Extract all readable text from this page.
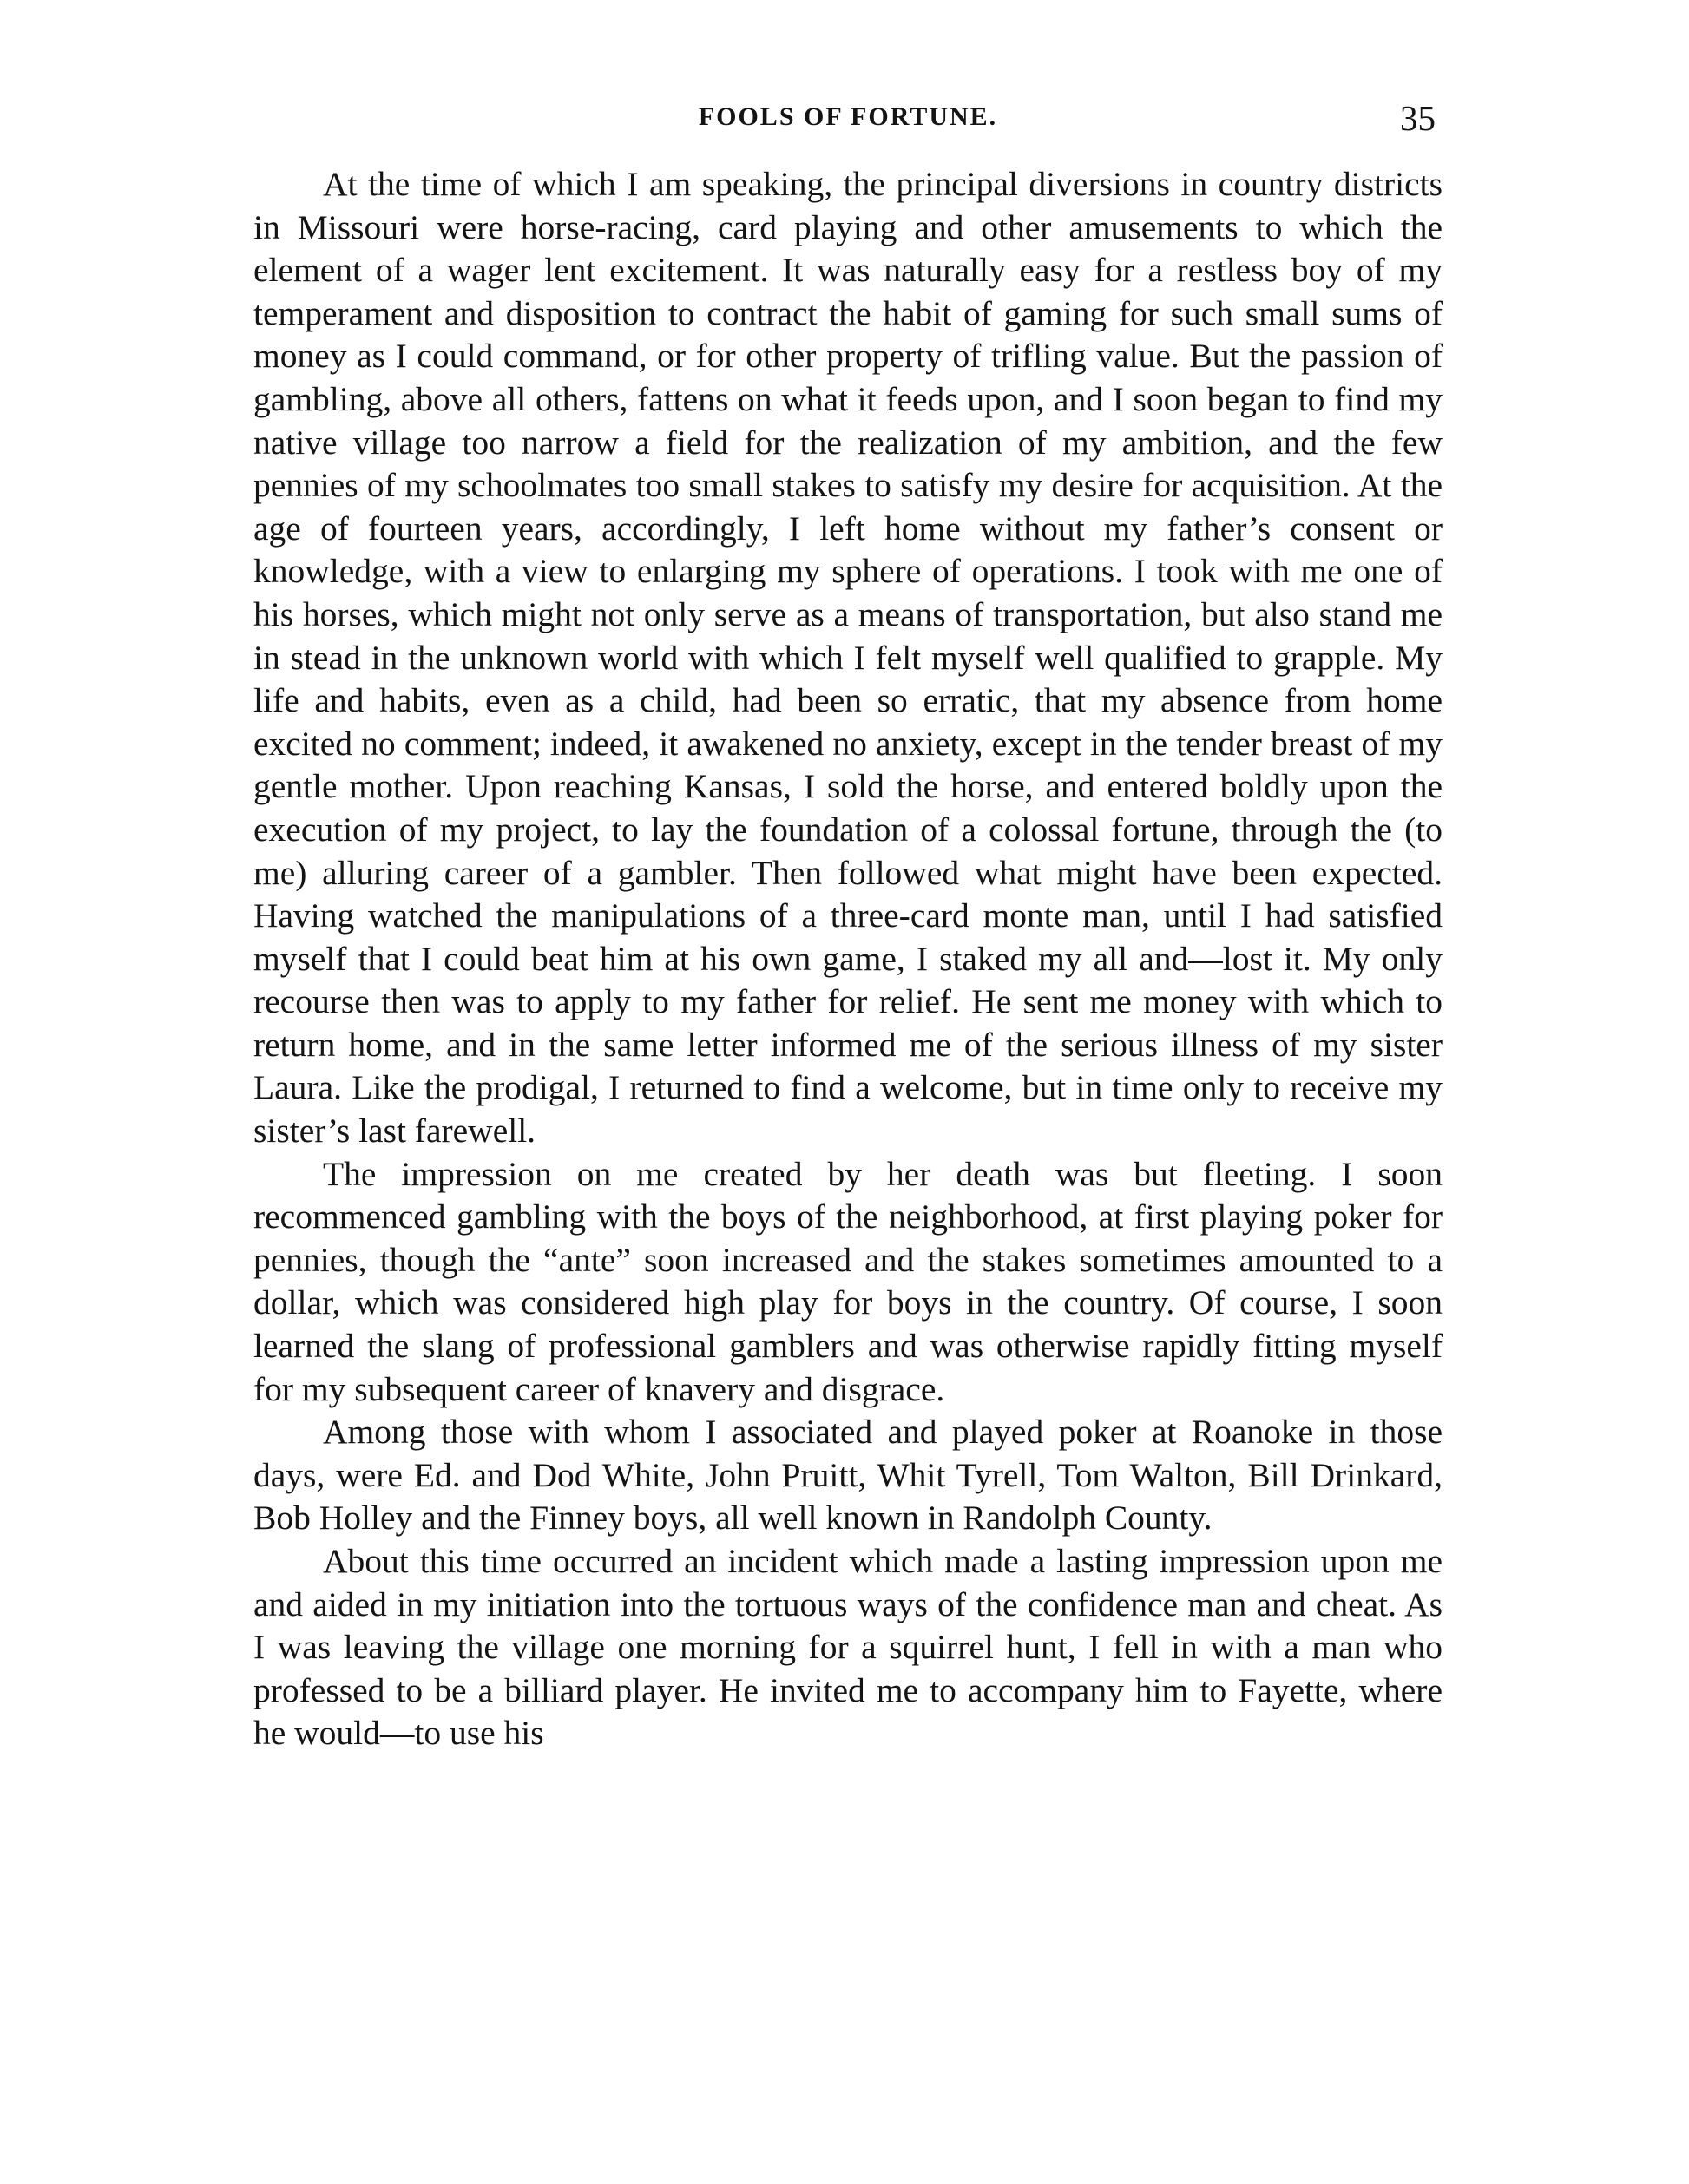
FOOLS OF FORTUNE.	35

At the time of which I am speaking, the principal diversions in country districts in Missouri were horse-racing, card playing and other amusements to which the element of a wager lent excitement. It was naturally easy for a restless boy of my temperament and disposition to contract the habit of gaming for such small sums of money as I could command, or for other property of trifling value. But the passion of gambling, above all others, fattens on what it feeds upon, and I soon began to find my native village too narrow a field for the realization of my ambition, and the few pennies of my schoolmates too small stakes to satisfy my desire for acquisition. At the age of fourteen years, accordingly, I left home without my father’s consent or knowledge, with a view to enlarging my sphere of operations. I took with me one of his horses, which might not only serve as a means of transportation, but also stand me in stead in the unknown world with which I felt myself well qualified to grapple. My life and habits, even as a child, had been so erratic, that my absence from home excited no comment; indeed, it awakened no anxiety, except in the tender breast of my gentle mother. Upon reaching Kansas, I sold the horse, and entered boldly upon the execution of my project, to lay the foundation of a colossal fortune, through the (to me) alluring career of a gambler. Then followed what might have been expected. Having watched the manipulations of a three-card monte man, until I had satisfied myself that I could beat him at his own game, I staked my all and—lost it. My only recourse then was to apply to my father for relief. He sent me money with which to return home, and in the same letter informed me of the serious illness of my sister Laura. Like the prodigal, I returned to find a welcome, but in time only to receive my sister’s last farewell.

The impression on me created by her death was but fleeting. I soon recommenced gambling with the boys of the neighborhood, at first playing poker for pennies, though the “ante” soon increased and the stakes sometimes amounted to a dollar, which was considered high play for boys in the country. Of course, I soon learned the slang of professional gamblers and was otherwise rapidly fitting myself for my subsequent career of knavery and disgrace.

Among those with whom I associated and played poker at Roanoke in those days, were Ed. and Dod White, John Pruitt, Whit Tyrell, Tom Walton, Bill Drinkard, Bob Holley and the Finney boys, all well known in Randolph County.

About this time occurred an incident which made a lasting impression upon me and aided in my initiation into the tortuous ways of the confidence man and cheat. As I was leaving the village one morning for a squirrel hunt, I fell in with a man who professed to be a billiard player. He invited me to accompany him to Fayette, where he would—to use his
